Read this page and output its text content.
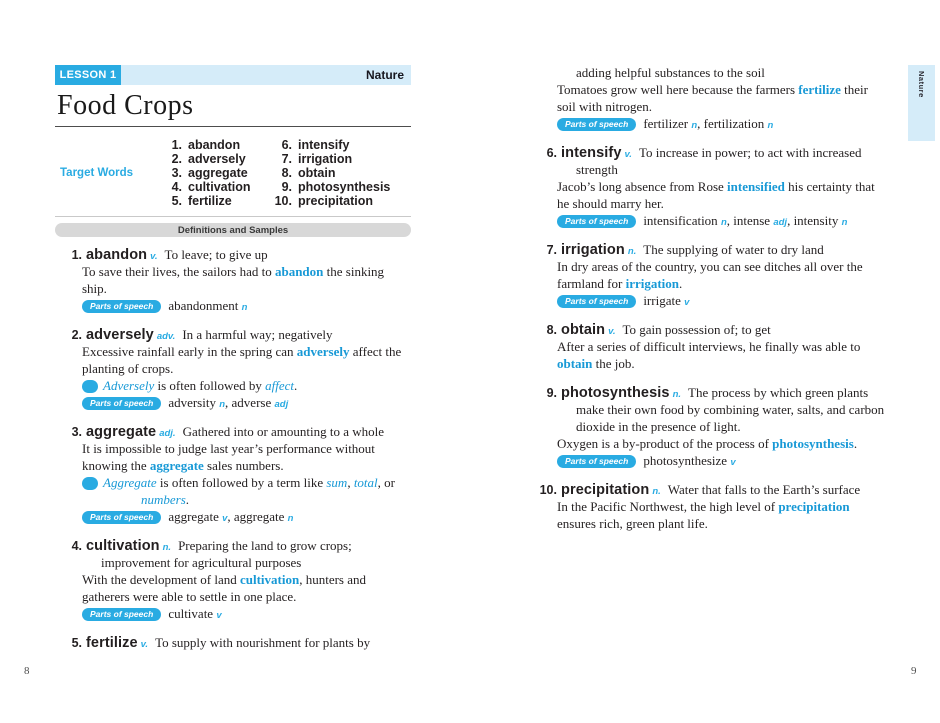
LESSON 1	Nature
Food Crops
Target Words
1. abandon
2. adversely
3. aggregate
4. cultivation
5. fertilize
6. intensify
7. irrigation
8. obtain
9. photosynthesis
10. precipitation
Definitions and Samples
1. abandon v. To leave; to give up
To save their lives, the sailors had to abandon the sinking ship.
Parts of speech abandonment n
2. adversely adv. In a harmful way; negatively
Excessive rainfall early in the spring can adversely affect the planting of crops.
Usage tips Adversely is often followed by affect.
Parts of speech adversity n, adverse adj
3. aggregate adj. Gathered into or amounting to a whole
It is impossible to judge last year’s performance without knowing the aggregate sales numbers.
Usage tips Aggregate is often followed by a term like sum, total, or numbers.
Parts of speech aggregate v, aggregate n
4. cultivation n. Preparing the land to grow crops; improvement for agricultural purposes
With the development of land cultivation, hunters and gatherers were able to settle in one place.
Parts of speech cultivate v
5. fertilize v. To supply with nourishment for plants by
adding helpful substances to the soil
Tomatoes grow well here because the farmers fertilize their soil with nitrogen.
Parts of speech fertilizer n, fertilization n
6. intensify v. To increase in power; to act with increased strength
Jacob’s long absence from Rose intensified his certainty that he should marry her.
Parts of speech intensification n, intense adj, intensity n
7. irrigation n. The supplying of water to dry land
In dry areas of the country, you can see ditches all over the farmland for irrigation.
Parts of speech irrigate v
8. obtain v. To gain possession of; to get
After a series of difficult interviews, he finally was able to obtain the job.
9. photosynthesis n. The process by which green plants make their own food by combining water, salts, and carbon dioxide in the presence of light.
Oxygen is a by-product of the process of photosynthesis.
Parts of speech photosynthesize v
10. precipitation n. Water that falls to the Earth’s surface
In the Pacific Northwest, the high level of precipitation ensures rich, green plant life.
Nature
8	9
